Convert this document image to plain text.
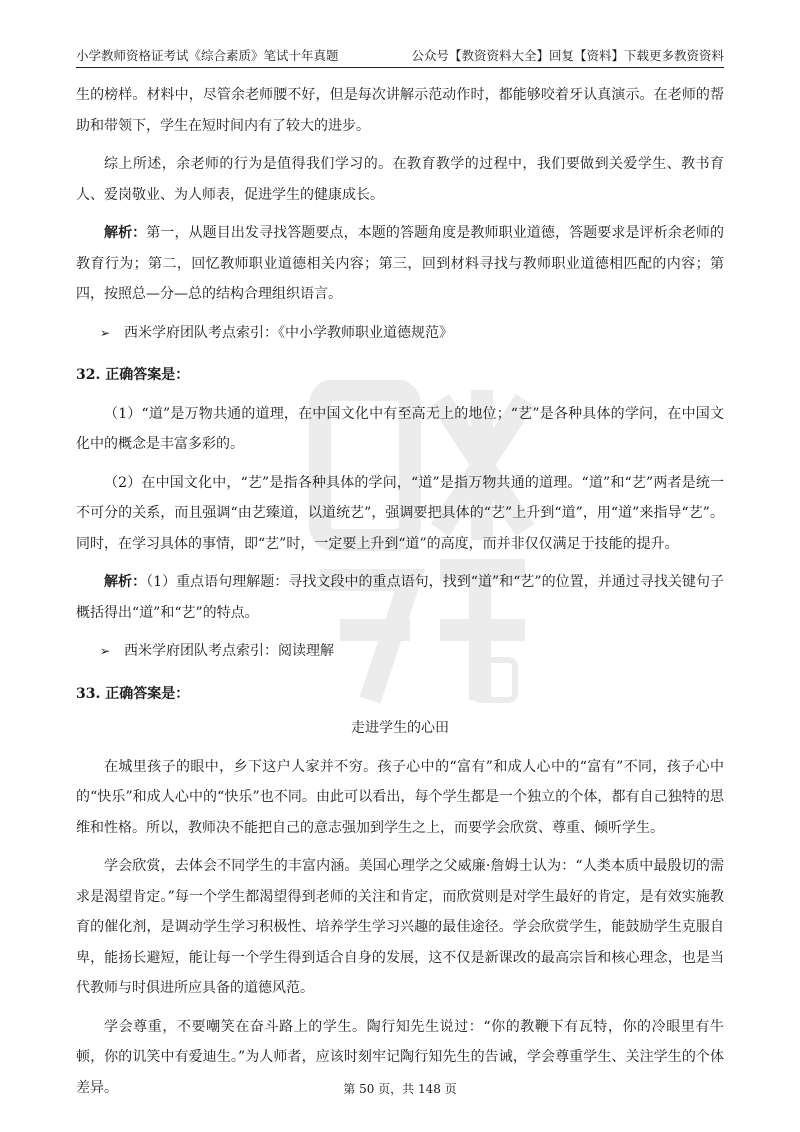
小学教师资格证考试《综合素质》笔试十年真题	公众号【教资资料大全】回复【资料】下载更多教资资料

生的榜样。材料中，尽管余老师腰不好，但是每次讲解示范动作时，都能够咬着牙认真演示。在老师的帮助和带领下，学生在短时间内有了较大的进步。

综上所述，余老师的行为是值得我们学习的。在教育教学的过程中，我们要做到关爱学生、教书育人、爱岗敬业、为人师表，促进学生的健康成长。

解析：第一，从题目出发寻找答题要点，本题的答题角度是教师职业道德，答题要求是评析余老师的教育行为；第二，回忆教师职业道德相关内容；第三，回到材料寻找与教师职业道德相匹配的内容；第四，按照总—分—总的结构合理组织语言。

➢ 西米学府团队考点索引：《中小学教师职业道德规范》

32. 正确答案是：

（1）“道”是万物共通的道理，在中国文化中有至高无上的地位；“艺”是各种具体的学问，在中国文化中的概念是丰富多彩的。

（2）在中国文化中，“艺”是指各种具体的学问，“道”是指万物共通的道理。“道”和“艺”两者是统一不可分的关系，而且强调“由艺臻道，以道统艺”，强调要把具体的“艺”上升到“道”，用“道”来指导“艺”。同时，在学习具体的事情，即“艺”时，一定要上升到“道”的高度，而并非仅仅满足于技能的提升。

解析：（1）重点语句理解题：寻找文段中的重点语句，找到“道”和“艺”的位置，并通过寻找关键句子概括得出“道”和“艺”的特点。

➢ 西米学府团队考点索引：阅读理解

33. 正确答案是：

走进学生的心田

在城里孩子的眼中，乡下这户人家并不穷。孩子心中的“富有”和成人心中的“富有”不同，孩子心中的“快乐”和成人心中的“快乐”也不同。由此可以看出，每个学生都是一个独立的个体，都有自己独特的思维和性格。所以，教师决不能把自己的意志强加到学生之上，而要学会欣赏、尊重、倾听学生。

学会欣赏，去体会不同学生的丰富内涵。美国心理学之父威廉·詹姆士认为：“人类本质中最殷切的需求是渴望肯定。”每一个学生都渴望得到老师的关注和肯定，而欣赏则是对学生最好的肯定，是有效实施教育的催化剂，是调动学生学习积极性、培养学生学习兴趣的最佳途径。学会欣赏学生，能鼓励学生克服自卑，能扬长避短，能让每一个学生得到适合自身的发展，这不仅是新课改的最高宗旨和核心理念，也是当代教师与时俱进所应具备的道德风范。

学会尊重，不要嘲笑在奋斗路上的学生。陶行知先生说过：“你的教鞭下有瓦特，你的冷眼里有牛顿，你的讥笑中有爱迪生。”为人师者，应该时刻牢记陶行知先生的告诫，学会尊重学生、关注学生的个体差异。	第 50 页，共 148 页
